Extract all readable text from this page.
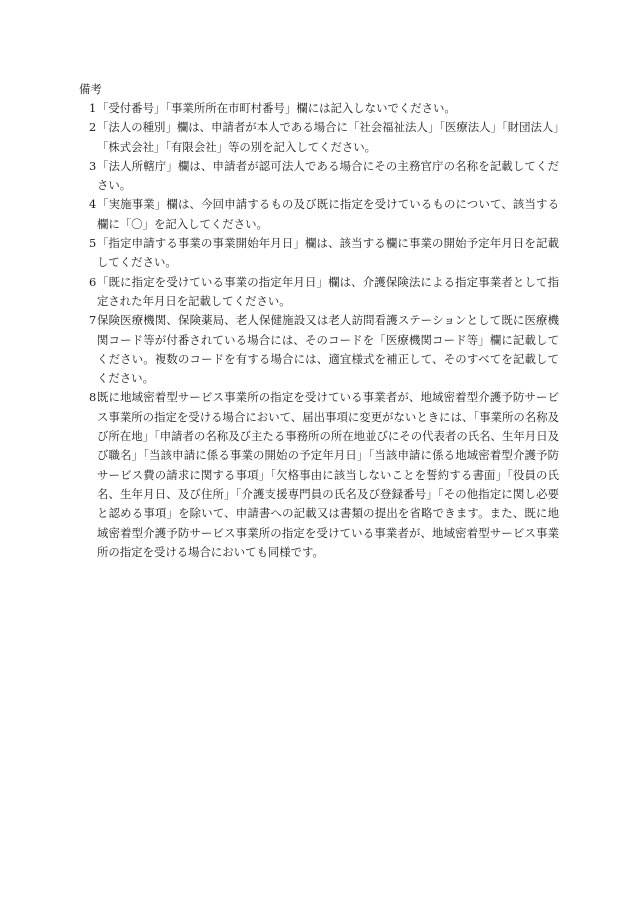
備考
1 「受付番号」「事業所所在市町村番号」欄には記入しないでください。
2 「法人の種別」欄は、申請者が本人である場合に「社会福祉法人」「医療法人」「財団法人」「株式会社」「有限会社」等の別を記入してください。
3 「法人所轄庁」欄は、申請者が認可法人である場合にその主務官庁の名称を記載してください。
4 「実施事業」欄は、今回申請するもの及び既に指定を受けているものについて、該当する欄に「〇」を記入してください。
5 「指定申請する事業の事業開始年月日」欄は、該当する欄に事業の開始予定年月日を記載してください。
6 「既に指定を受けている事業の指定年月日」欄は、介護保険法による指定事業者として指定された年月日を記載してください。
7 保険医療機関、保険薬局、老人保健施設又は老人訪問看護ステーションとして既に医療機関コード等が付番されている場合には、そのコードを「医療機関コード等」欄に記載してください。複数のコードを有する場合には、適宜様式を補正して、そのすべてを記載してください。
8 既に地域密着型サービス事業所の指定を受けている事業者が、地域密着型介護予防サービス事業所の指定を受ける場合において、届出事項に変更がないときには、「事業所の名称及び所在地」「申請者の名称及び主たる事務所の所在地並びにその代表者の氏名、生年月日及び職名」「当該申請に係る事業の開始の予定年月日」「当該申請に係る地域密着型介護予防サービス費の請求に関する事項」「欠格事由に該当しないことを誓約する書面」「役員の氏名、生年月日、及び住所」「介護支援専門員の氏名及び登録番号」「その他指定に関し必要と認める事項」を除いて、申請書への記載又は書類の提出を省略できます。また、既に地域密着型介護予防サービス事業所の指定を受けている事業者が、地域密着型サービス事業所の指定を受ける場合においても同様です。
